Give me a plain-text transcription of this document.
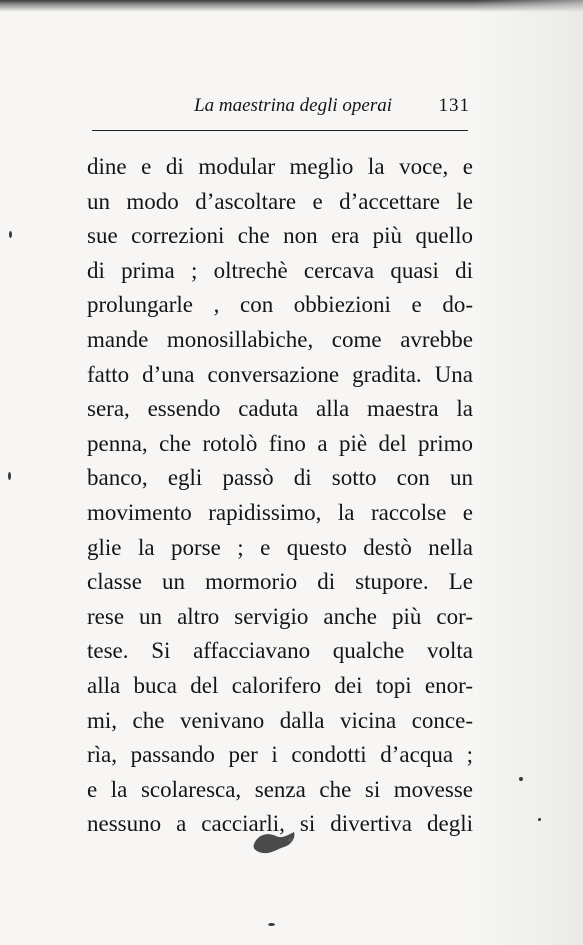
La maestrina degli operai 131
dine e di modular meglio la voce, e
un modo d’ascoltare e d’accettare le
sue correzioni che non era più quello
di prima ; oltrechè cercava quasi di
prolungarle , con obbiezioni e do-
mande monosillabiche, come avrebbe
fatto d’una conversazione gradita. Una
sera, essendo caduta alla maestra la
penna, che rotolò fino a piè del primo
banco, egli passò di sotto con un
movimento rapidissimo, la raccolse e
glie la porse ; e questo destò nella
classe un mormorio di stupore. Le
rese un altro servigio anche più cor-
tese. Si affacciavano qualche volta
alla buca del calorifero dei topi enor-
mi, che venivano dalla vicina conce-
rìa, passando per i condotti d’acqua ;
e la scolaresca, senza che si movesse
nessuno a cacciarli, si divertiva degli
